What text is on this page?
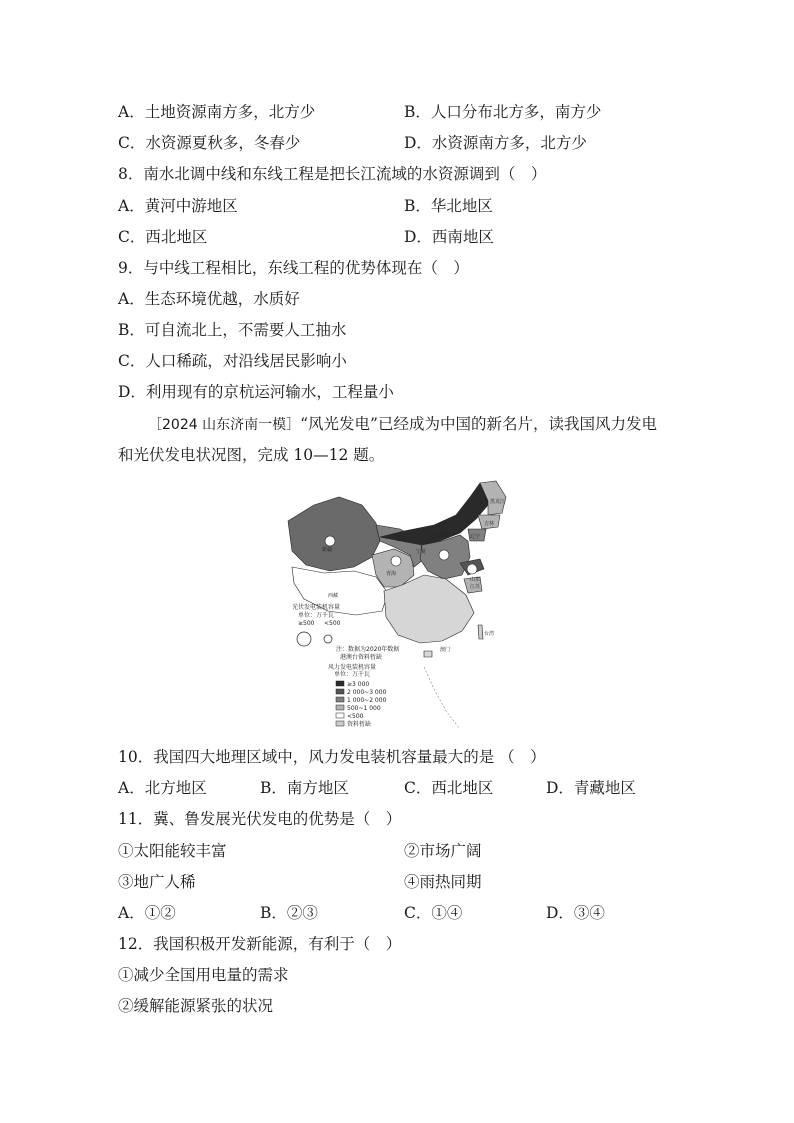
A．土地资源南方多，北方少	B．人口分布北方多，南方少
C．水资源夏秋多，冬春少	D．水资源南方多，北方少
8．南水北调中线和东线工程是把长江流域的水资源调到（　）
A．黄河中游地区	B．华北地区
C．西北地区	D．西南地区
9．与中线工程相比，东线工程的优势体现在（　）
A．生态环境优越，水质好
B．可自流北上，不需要人工抽水
C．人口稀疏，对沿线居民影响小
D．利用现有的京杭运河输水，工程量小
［2024 山东济南一模］“风光发电”已经成为中国的新名片，读我国风力发电
和光伏发电状况图，完成 10—12 题。
新疆
内蒙古
黑龙江
吉林
辽宁
西藏
青海
甘肃
宁夏
山东
江苏
澳门
台湾
光伏发电装机容量
单位：万千瓦
≥500 <500
注：数据为2020年数据
港澳台资料暂缺
风力发电装机容量
单位：万千瓦
≥3 000
2 000~3 000
1 000~2 000
500~1 000
<500
资料暂缺
10．我国四大地理区域中，风力发电装机容量最大的是 （　）
A．北方地区	B．南方地区	C．西北地区	D．青藏地区
11．冀、鲁发展光伏发电的优势是（　）
①太阳能较丰富	②市场广阔
③地广人稀	④雨热同期
A．①②	B．②③	C．①④	D．③④
12．我国积极开发新能源，有利于（　）
①减少全国用电量的需求
②缓解能源紧张的状况
